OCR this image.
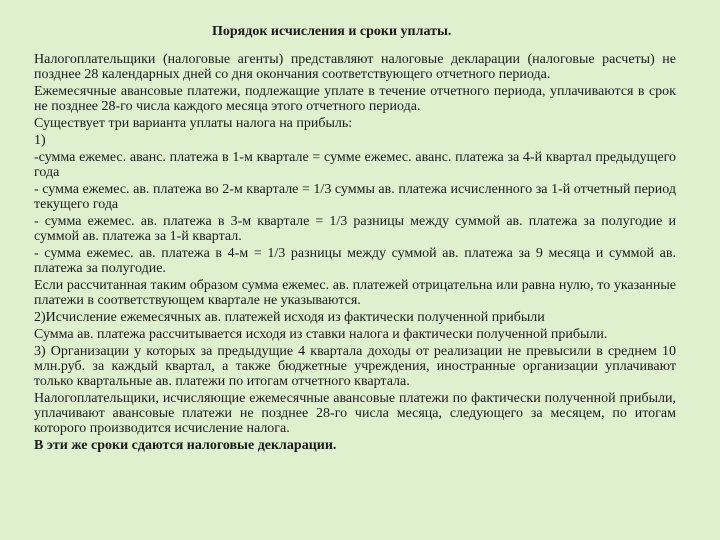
Порядок исчисления и сроки уплаты.

Налогоплательщики (налоговые агенты) представляют налоговые декларации (налоговые расчеты) не позднее 28 календарных дней со дня окончания соответствующего отчетного периода.

Ежемесячные авансовые платежи, подлежащие уплате в течение отчетного периода, уплачиваются в срок не позднее 28-го числа каждого месяца этого отчетного периода.

Существует три варианта уплаты налога на прибыль:

1)

-сумма ежемес. аванс. платежа в 1-м квартале = сумме ежемес. аванс. платежа за 4-й квартал предыдущего года

- сумма ежемес. ав. платежа во 2-м квартале = 1/3 суммы ав. платежа исчисленного за 1-й отчетный период текущего года

- сумма ежемес. ав. платежа в 3-м квартале = 1/3 разницы между суммой ав. платежа за полугодие и суммой ав. платежа за 1-й квартал.

- сумма ежемес. ав. платежа в 4-м = 1/3 разницы между суммой ав. платежа за 9 месяца и суммой ав. платежа за полугодие.

Если рассчитанная таким образом сумма ежемес. ав. платежей отрицательна или равна нулю, то указанные платежи в соответствующем квартале не указываются.

2)Исчисление ежемесячных ав. платежей исходя из фактически полученной прибыли

Сумма ав. платежа рассчитывается исходя из ставки налога и фактически полученной прибыли.

3) Организации у которых за предыдущие 4 квартала доходы от реализации не превысили в среднем 10 млн.руб. за каждый квартал, а также бюджетные учреждения, иностранные организации уплачивают только квартальные ав. платежи по итогам отчетного квартала.

Налогоплательщики, исчисляющие ежемесячные авансовые платежи по фактически полученной прибыли, уплачивают авансовые платежи не позднее 28-го числа месяца, следующего за месяцем, по итогам которого производится исчисление налога.

В эти же сроки сдаются налоговые декларации.
